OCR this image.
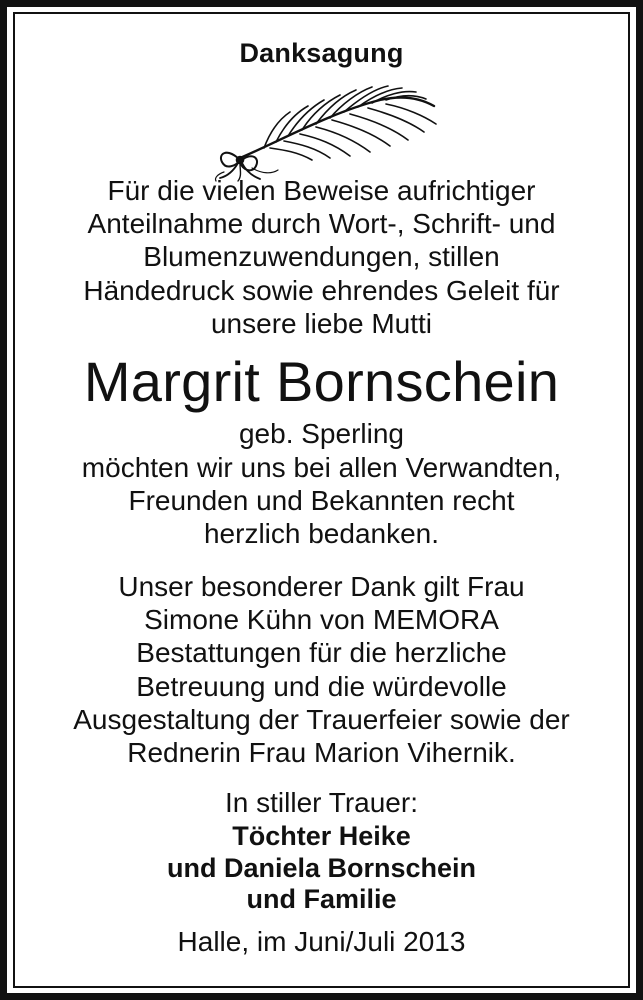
Danksagung
Für die vielen Beweise aufrichtiger
Anteilnahme durch Wort-, Schrift- und
Blumenzuwendungen, stillen
Händedruck sowie ehrendes Geleit für
unsere liebe Mutti
Margrit Bornschein
geb. Sperling
möchten wir uns bei allen Verwandten,
Freunden und Bekannten recht
herzlich bedanken.
Unser besonderer Dank gilt Frau
Simone Kühn von MEMORA
Bestattungen für die herzliche
Betreuung und die würdevolle
Ausgestaltung der Trauerfeier sowie der
Rednerin Frau Marion Vihernik.
In stiller Trauer:
Töchter Heike
und Daniela Bornschein
und Familie
Halle, im Juni/Juli 2013
